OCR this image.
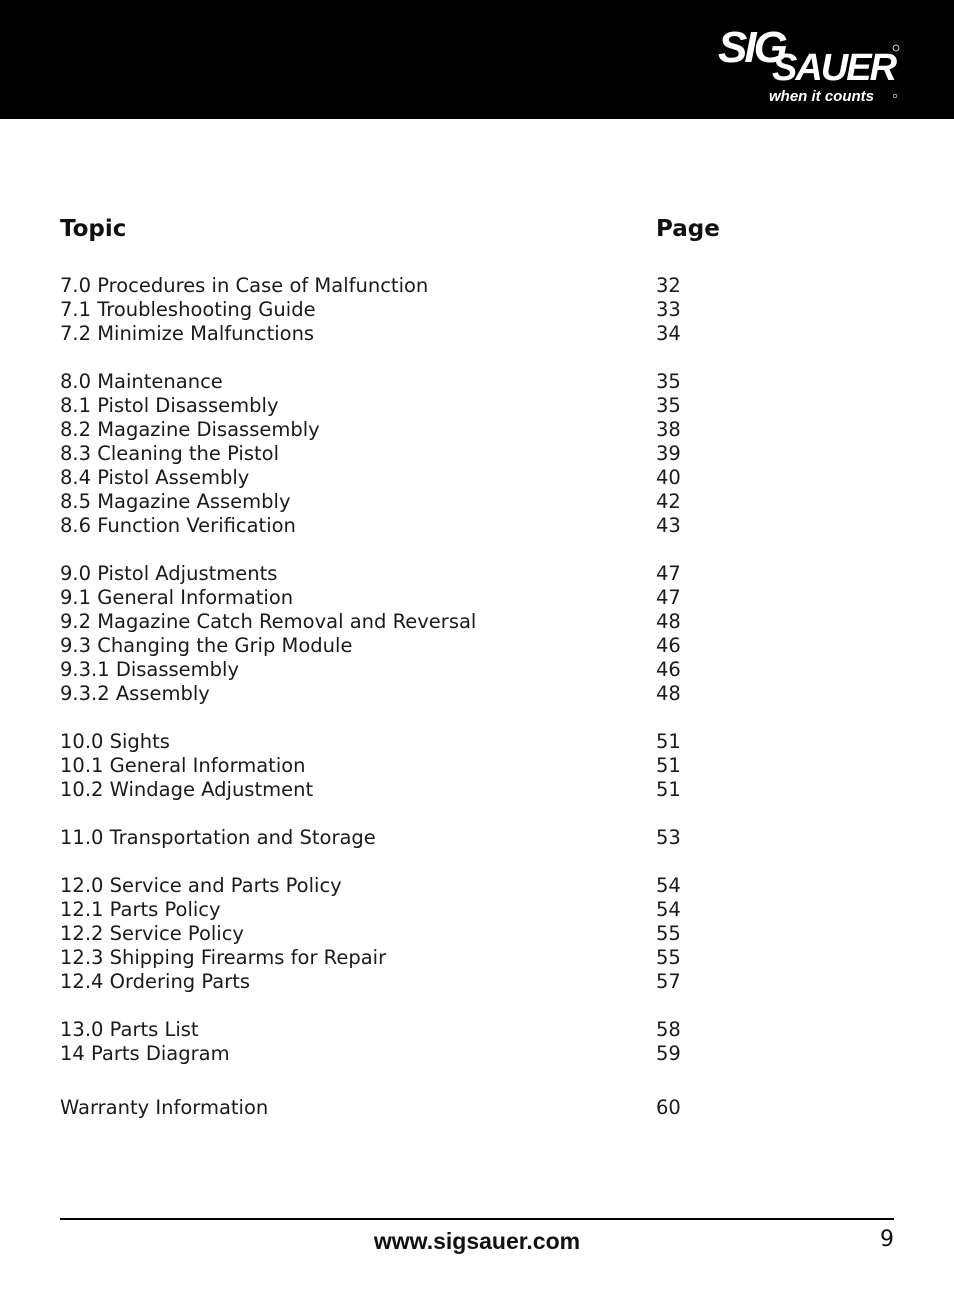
SIG
SAUER
when it counts
Topic	Page
7.0 Procedures in Case of Malfunction	32
7.1 Troubleshooting Guide	33
7.2 Minimize Malfunctions	34
8.0 Maintenance	35
8.1 Pistol Disassembly	35
8.2 Magazine Disassembly	38
8.3 Cleaning the Pistol	39
8.4 Pistol Assembly	40
8.5 Magazine Assembly	42
8.6 Function Verification	43
9.0 Pistol Adjustments	47
9.1 General Information	47
9.2 Magazine Catch Removal and Reversal	48
9.3 Changing the Grip Module	46
9.3.1 Disassembly	46
9.3.2 Assembly	48
10.0 Sights	51
10.1 General Information	51
10.2 Windage Adjustment	51
11.0 Transportation and Storage	53
12.0 Service and Parts Policy	54
12.1 Parts Policy	54
12.2 Service Policy	55
12.3 Shipping Firearms for Repair	55
12.4 Ordering Parts	57
13.0 Parts List	58
14 Parts Diagram	59
Warranty Information	60
www.sigsauer.com	9
